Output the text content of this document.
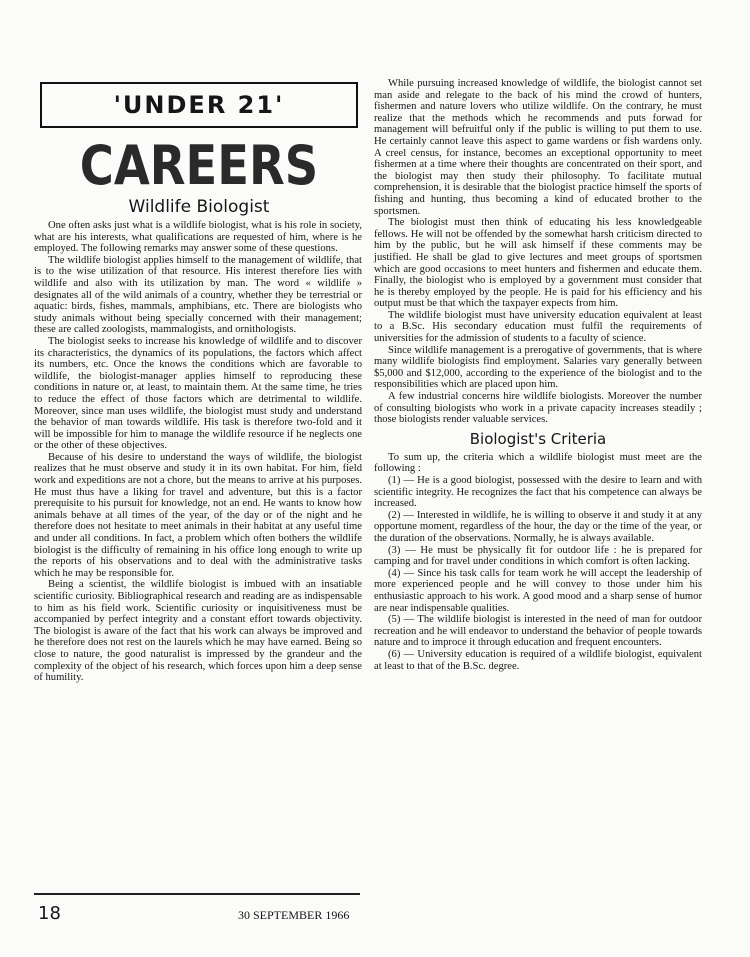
'UNDER 21'
CAREERS
Wildlife Biologist

One often asks just what is a wildlife biologist, what is his role in society, what are his interests, what qualifications are requested of him, where is he employed. The following remarks may answer some of these questions.

The wildlife biologist applies himself to the management of wildlife, that is to the wise utilization of that resource. His interest therefore lies with wildlife and also with its utilization by man. The word « wildlife » designates all of the wild animals of a country, whether they be terrestrial or aquatic: birds, fishes, mammals, amphibians, etc. There are biologists who study animals without being specially concerned with their management; these are called zoologists, mammalogists, and ornithologists.

The biologist seeks to increase his knowledge of wildlife and to discover its characteristics, the dynamics of its populations, the factors which affect its numbers, etc. Once the knows the conditions which are favorable to wildlife, the biologist-manager applies himself to reproducing these conditions in nature or, at least, to maintain them. At the same time, he tries to reduce the effect of those factors which are detrimental to wildlife. Moreover, since man uses wildlife, the biologist must study and understand the behavior of man towards wildlife. His task is therefore two-fold and it will be impossible for him to manage the wildlife resource if he neglects one or the other of these objectives.

Because of his desire to understand the ways of wildlife, the biologist realizes that he must observe and study it in its own habitat. For him, field work and expeditions are not a chore, but the means to arrive at his purposes. He must thus have a liking for travel and adventure, but this is a factor prerequisite to his pursuit for knowledge, not an end. He wants to know how animals behave at all times of the year, of the day or of the night and he therefore does not hesitate to meet animals in their habitat at any useful time and under all conditions. In fact, a problem which often bothers the wildlife biologist is the difficulty of remaining in his office long enough to write up the reports of his observations and to deal with the administrative tasks which he may be responsible for.

Being a scientist, the wildlife biologist is imbued with an insatiable scientific curiosity. Bibliographical research and reading are as indispensable to him as his field work. Scientific curiosity or inquisitiveness must be accompanied by perfect integrity and a constant effort towards objectivity. The biologist is aware of the fact that his work can always be improved and he therefore does not rest on the laurels which he may have earned. Being so close to nature, the good naturalist is impressed by the grandeur and the complexity of the object of his research, which forces upon him a deep sense of humility.

While pursuing increased knowledge of wildlife, the biologist cannot set man aside and relegate to the back of his mind the crowd of hunters, fishermen and nature lovers who utilize wildlife. On the contrary, he must realize that the methods which he recommends and puts forwad for management will befruitful only if the public is willing to put them to use. He certainly cannot leave this aspect to game wardens or fish wardens only. A creel census, for instance, becomes an exceptional opportunity to meet fishermen at a time where their thoughts are concentrated on their sport, and the biologist may then study their philosophy. To facilitate mutual comprehension, it is desirable that the biologist practice himself the sports of fishing and hunting, thus becoming a kind of educated brother to the sportsmen.

The biologist must then think of educating his less knowledgeable fellows. He will not be offended by the somewhat harsh criticism directed to him by the public, but he will ask himself if these comments may be justified. He shall be glad to give lectures and meet groups of sportsmen which are good occasions to meet hunters and fishermen and educate them. Finally, the biologist who is employed by a government must consider that he is thereby employed by the people. He is paid for his efficiency and his output must be that which the taxpayer expects from him.

The wildlife biologist must have university education equivalent at least to a B.Sc. His secondary education must fulfil the requirements of universities for the admission of students to a faculty of science.

Since wildlife management is a prerogative of governments, that is where many wildlife biologists find employment. Salaries vary generally between $5,000 and $12,000, according to the experience of the biologist and to the responsibilities which are placed upon him.

A few industrial concerns hire wildlife biologists. Moreover the number of consulting biologists who work in a private capacity increases steadily ; those biologists render valuable services.

Biologist's Criteria

To sum up, the criteria which a wildlife biologist must meet are the following :

(1) — He is a good biologist, possessed with the desire to learn and with scientific integrity. He recognizes the fact that his competence can always be increased.

(2) — Interested in wildlife, he is willing to observe it and study it at any opportune moment, regardless of the hour, the day or the time of the year, or the duration of the observations. Normally, he is always available.

(3) — He must be physically fit for outdoor life : he is prepared for camping and for travel under conditions in which comfort is often lacking.

(4) — Since his task calls for team work he will accept the leadership of more experienced people and he will convey to those under him his enthusiastic approach to his work. A good mood and a sharp sense of humor are near indispensable qualities.

(5) — The wildlife biologist is interested in the need of man for outdoor recreation and he will endeavor to understand the behavior of people towards nature and to improce it through education and frequent encounters.

(6) — University education is required of a wildlife biologist, equivalent at least to that of the B.Sc. degree.

18	30 SEPTEMBER 1966
